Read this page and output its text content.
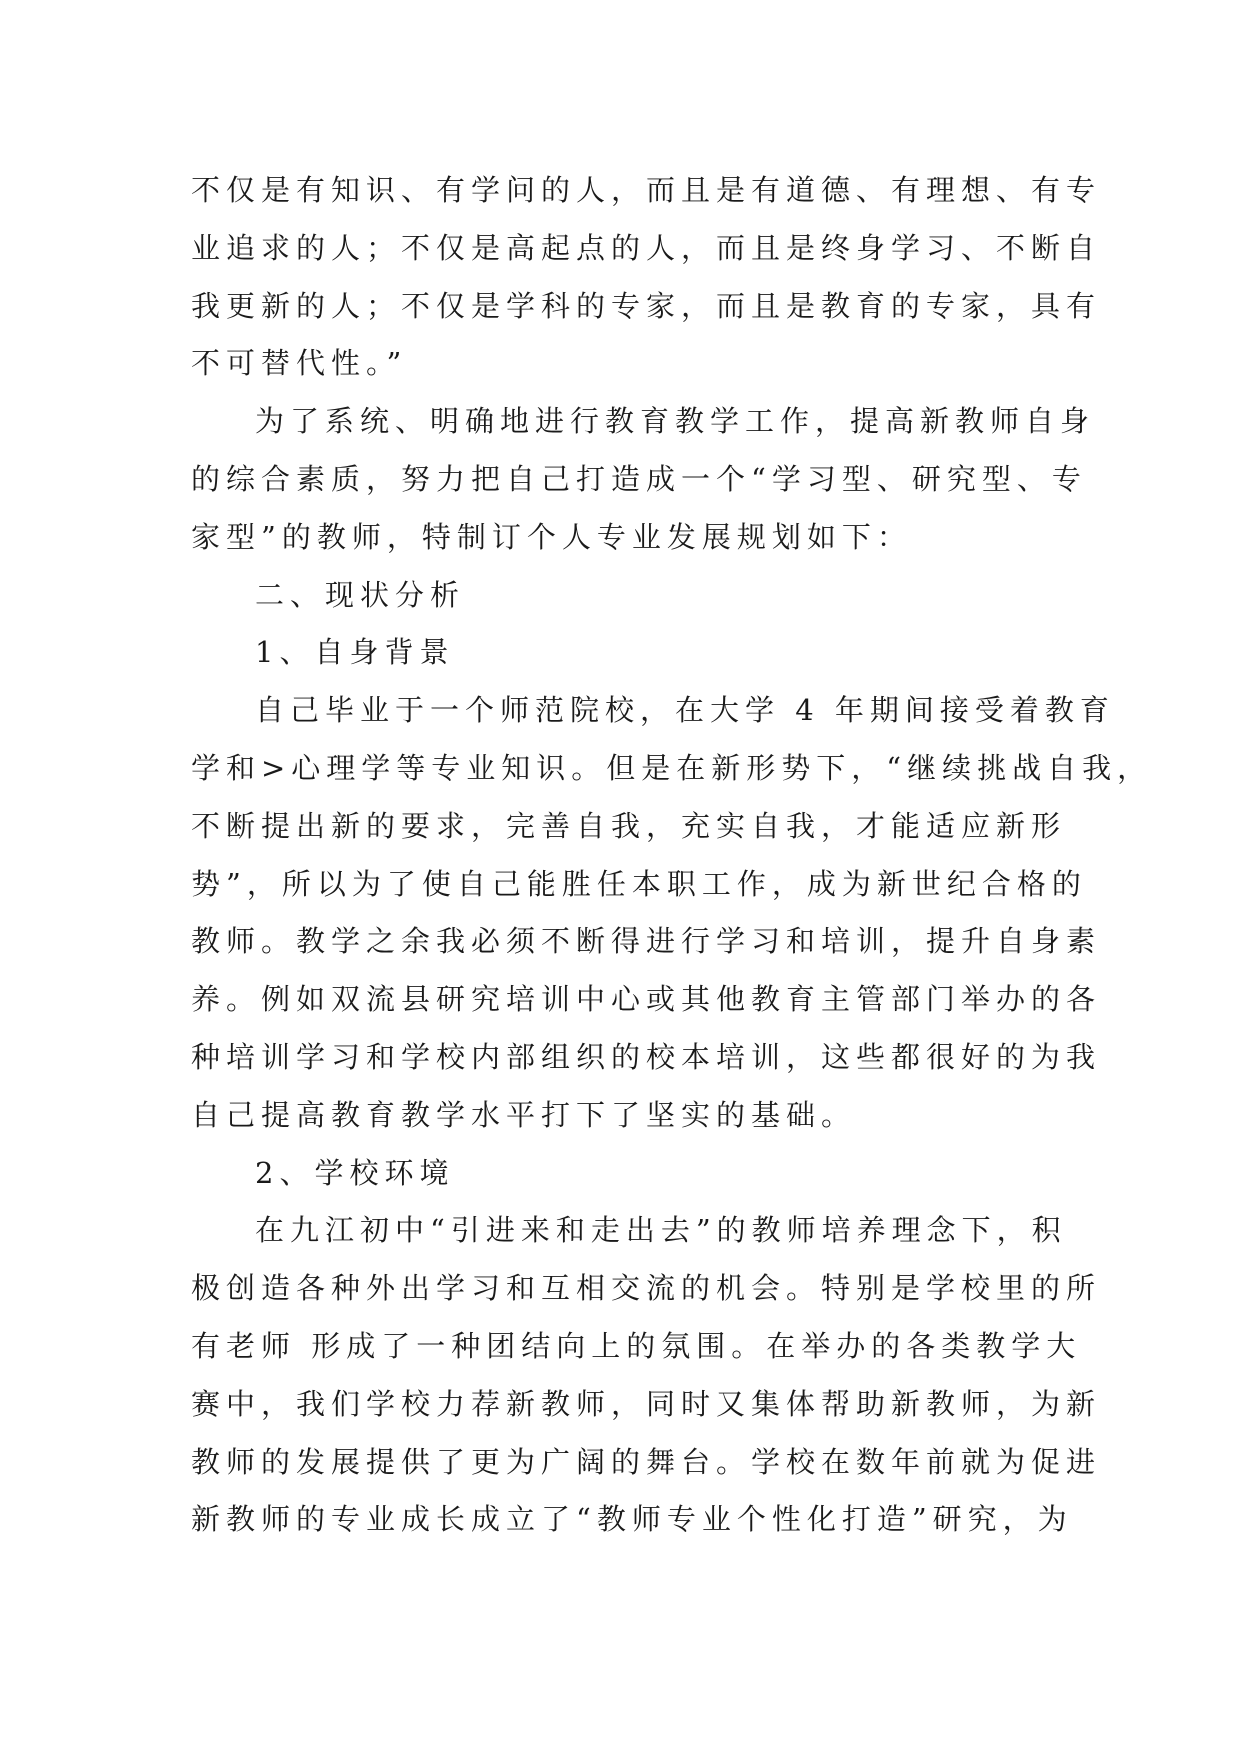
不仅是有知识、有学问的人，而且是有道德、有理想、有专
业追求的人；不仅是高起点的人，而且是终身学习、不断自
我更新的人；不仅是学科的专家，而且是教育的专家，具有
不可替代性。”
为了系统、明确地进行教育教学工作，提高新教师自身
的综合素质，努力把自己打造成一个“学习型、研究型、专
家型”的教师，特制订个人专业发展规划如下：
二、现状分析
1、自身背景
自己毕业于一个师范院校，在大学 4 年期间接受着教育
学和>心理学等专业知识。但是在新形势下，“继续挑战自我，
不断提出新的要求，完善自我，充实自我，才能适应新形
势”，所以为了使自己能胜任本职工作，成为新世纪合格的
教师。教学之余我必须不断得进行学习和培训，提升自身素
养。例如双流县研究培训中心或其他教育主管部门举办的各
种培训学习和学校内部组织的校本培训，这些都很好的为我
自己提高教育教学水平打下了坚实的基础。
2、学校环境
在九江初中“引进来和走出去”的教师培养理念下，积
极创造各种外出学习和互相交流的机会。特别是学校里的所
有老师 形成了一种团结向上的氛围。在举办的各类教学大
赛中，我们学校力荐新教师，同时又集体帮助新教师，为新
教师的发展提供了更为广阔的舞台。学校在数年前就为促进
新教师的专业成长成立了“教师专业个性化打造”研究，为
